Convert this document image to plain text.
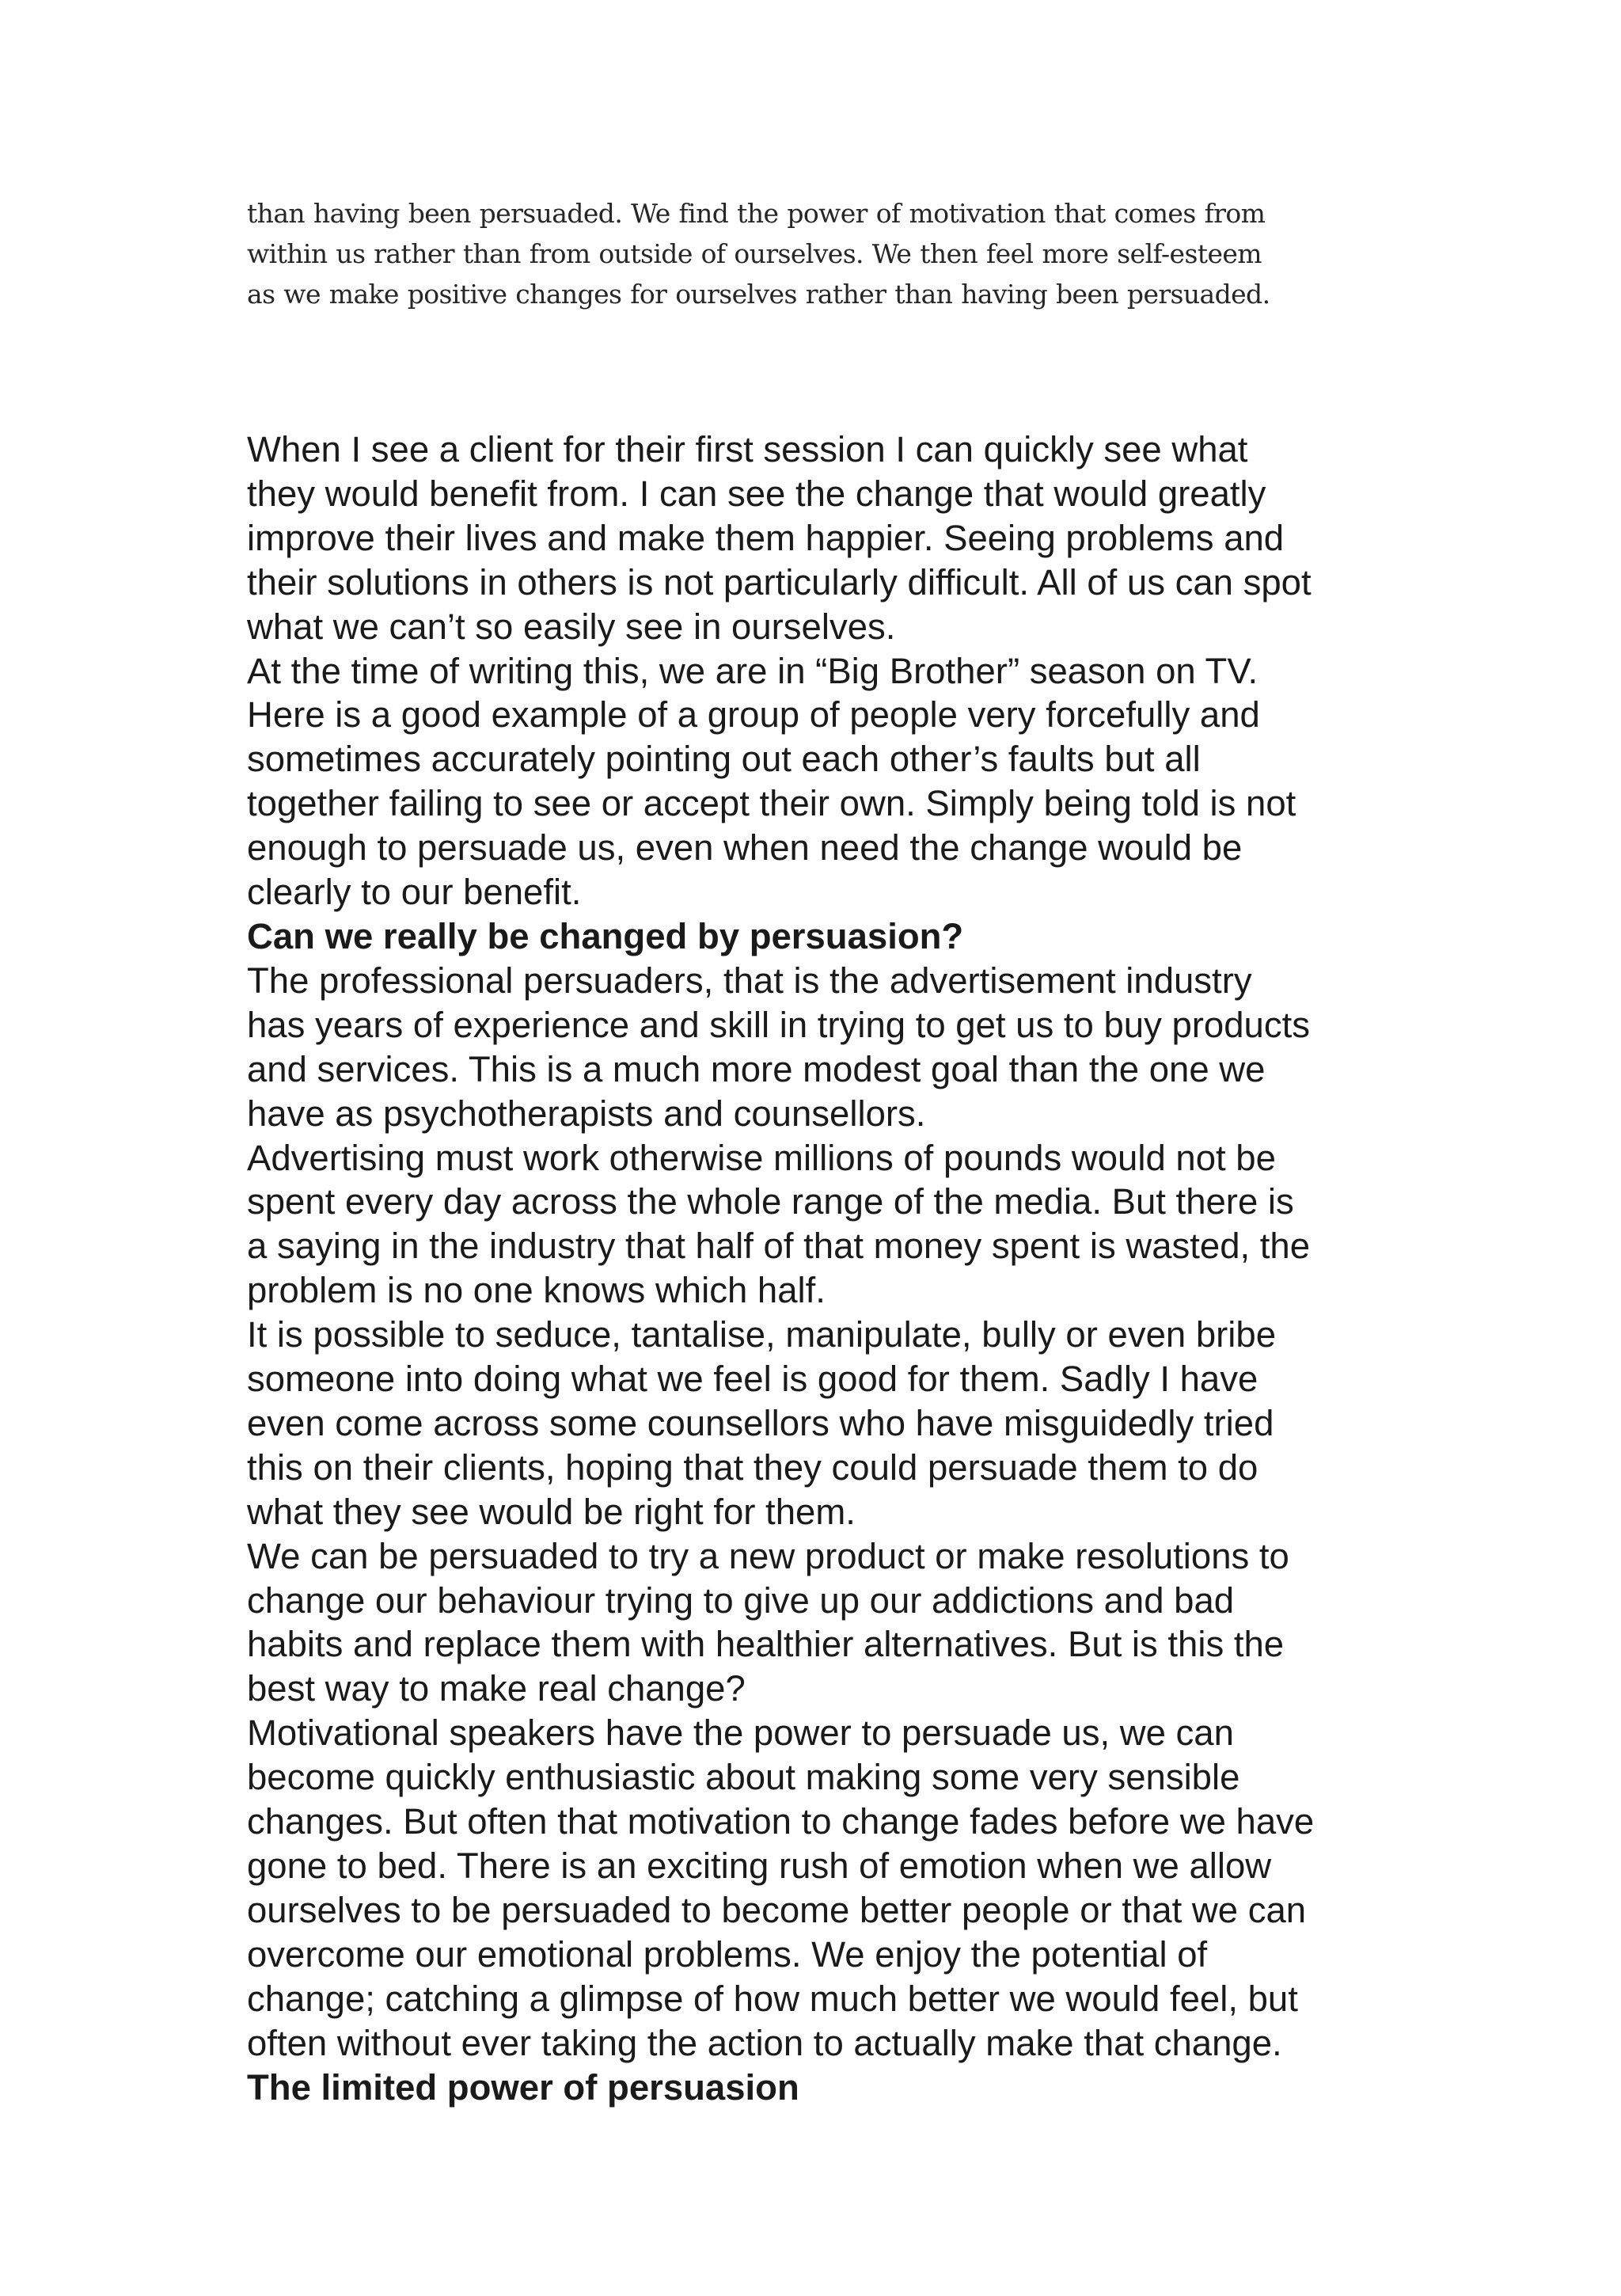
than having been persuaded. We find the power of motivation that comes from
within us rather than from outside of ourselves. We then feel more self-esteem
as we make positive changes for ourselves rather than having been persuaded.

When I see a client for their first session I can quickly see what
they would benefit from. I can see the change that would greatly
improve their lives and make them happier. Seeing problems and
their solutions in others is not particularly difficult. All of us can spot
what we can’t so easily see in ourselves.
At the time of writing this, we are in “Big Brother” season on TV.
Here is a good example of a group of people very forcefully and
sometimes accurately pointing out each other’s faults but all
together failing to see or accept their own. Simply being told is not
enough to persuade us, even when need the change would be
clearly to our benefit.
Can we really be changed by persuasion?
The professional persuaders, that is the advertisement industry
has years of experience and skill in trying to get us to buy products
and services. This is a much more modest goal than the one we
have as psychotherapists and counsellors.
Advertising must work otherwise millions of pounds would not be
spent every day across the whole range of the media. But there is
a saying in the industry that half of that money spent is wasted, the
problem is no one knows which half.
It is possible to seduce, tantalise, manipulate, bully or even bribe
someone into doing what we feel is good for them. Sadly I have
even come across some counsellors who have misguidedly tried
this on their clients, hoping that they could persuade them to do
what they see would be right for them.
We can be persuaded to try a new product or make resolutions to
change our behaviour trying to give up our addictions and bad
habits and replace them with healthier alternatives. But is this the
best way to make real change?
Motivational speakers have the power to persuade us, we can
become quickly enthusiastic about making some very sensible
changes. But often that motivation to change fades before we have
gone to bed. There is an exciting rush of emotion when we allow
ourselves to be persuaded to become better people or that we can
overcome our emotional problems. We enjoy the potential of
change; catching a glimpse of how much better we would feel, but
often without ever taking the action to actually make that change.
The limited power of persuasion
